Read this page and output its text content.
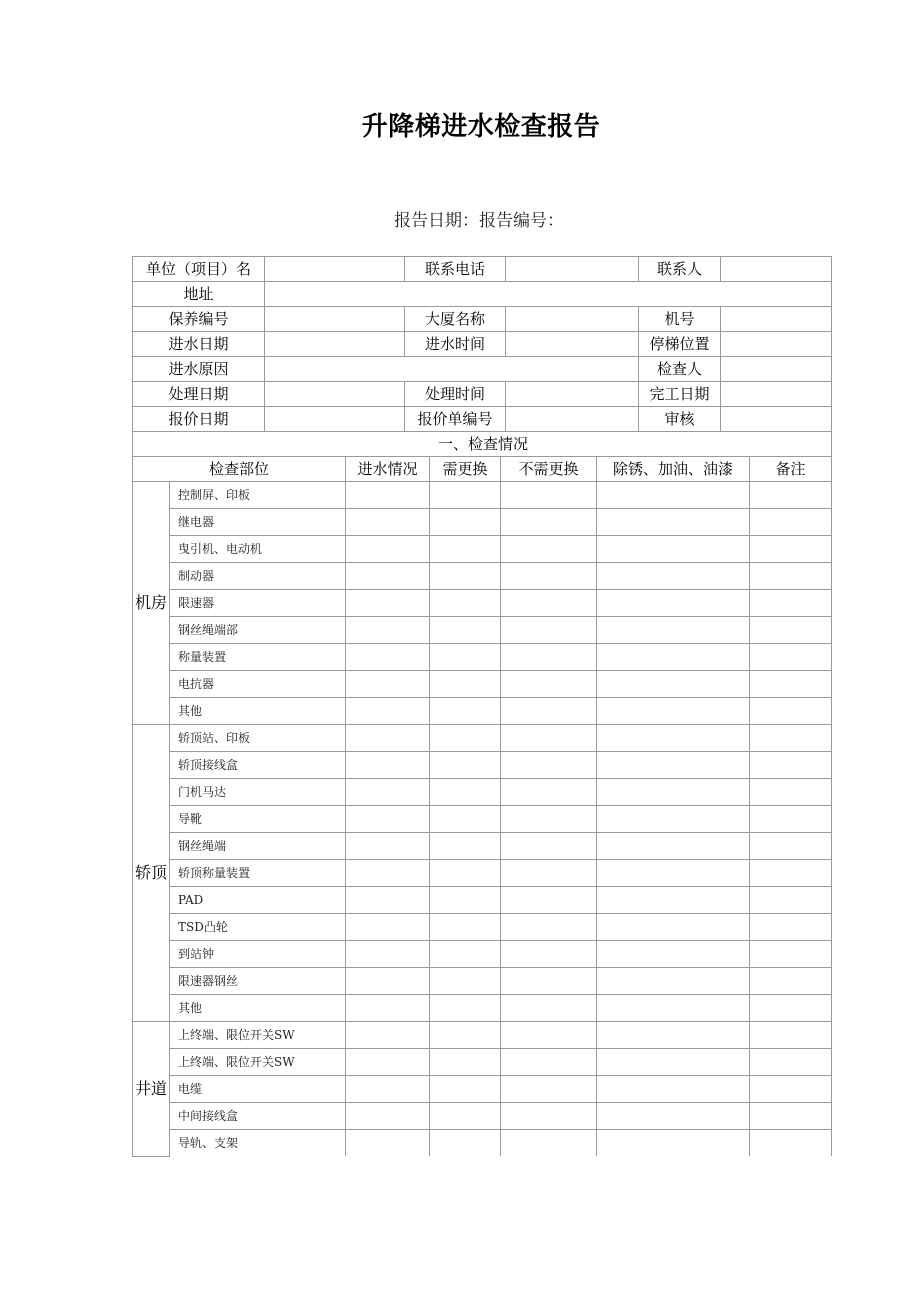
升降梯进水检查报告
报告日期：报告编号：
单位（项目）名		联系电话		联系人	
地址					
保养编号		大厦名称		机号	
进水日期		进水时间		停梯位置	
进水原因				检查人	
处理日期		处理时间		完工日期	
报价日期		报价单编号		审核	
一、检查情况					
检查部位		进水情况	需更换	不需更换	除锈、加油、油漆	备注
机房	控制屏、印板					
	继电器					
	曳引机、电动机					
	制动器					
	限速器					
	钢丝绳端部					
	称量装置					
	电抗器					
	其他					
轿顶	轿顶站、印板					
	轿顶接线盒					
	门机马达					
	导靴					
	钢丝绳端					
	轿顶称量装置					
	PAD					
	TSD凸轮					
	到站钟					
	限速器钢丝					
	其他					
井道	上终端、限位开关SW					
	上终端、限位开关SW					
	电缆					
	中间接线盒					
	导轨、支架					
